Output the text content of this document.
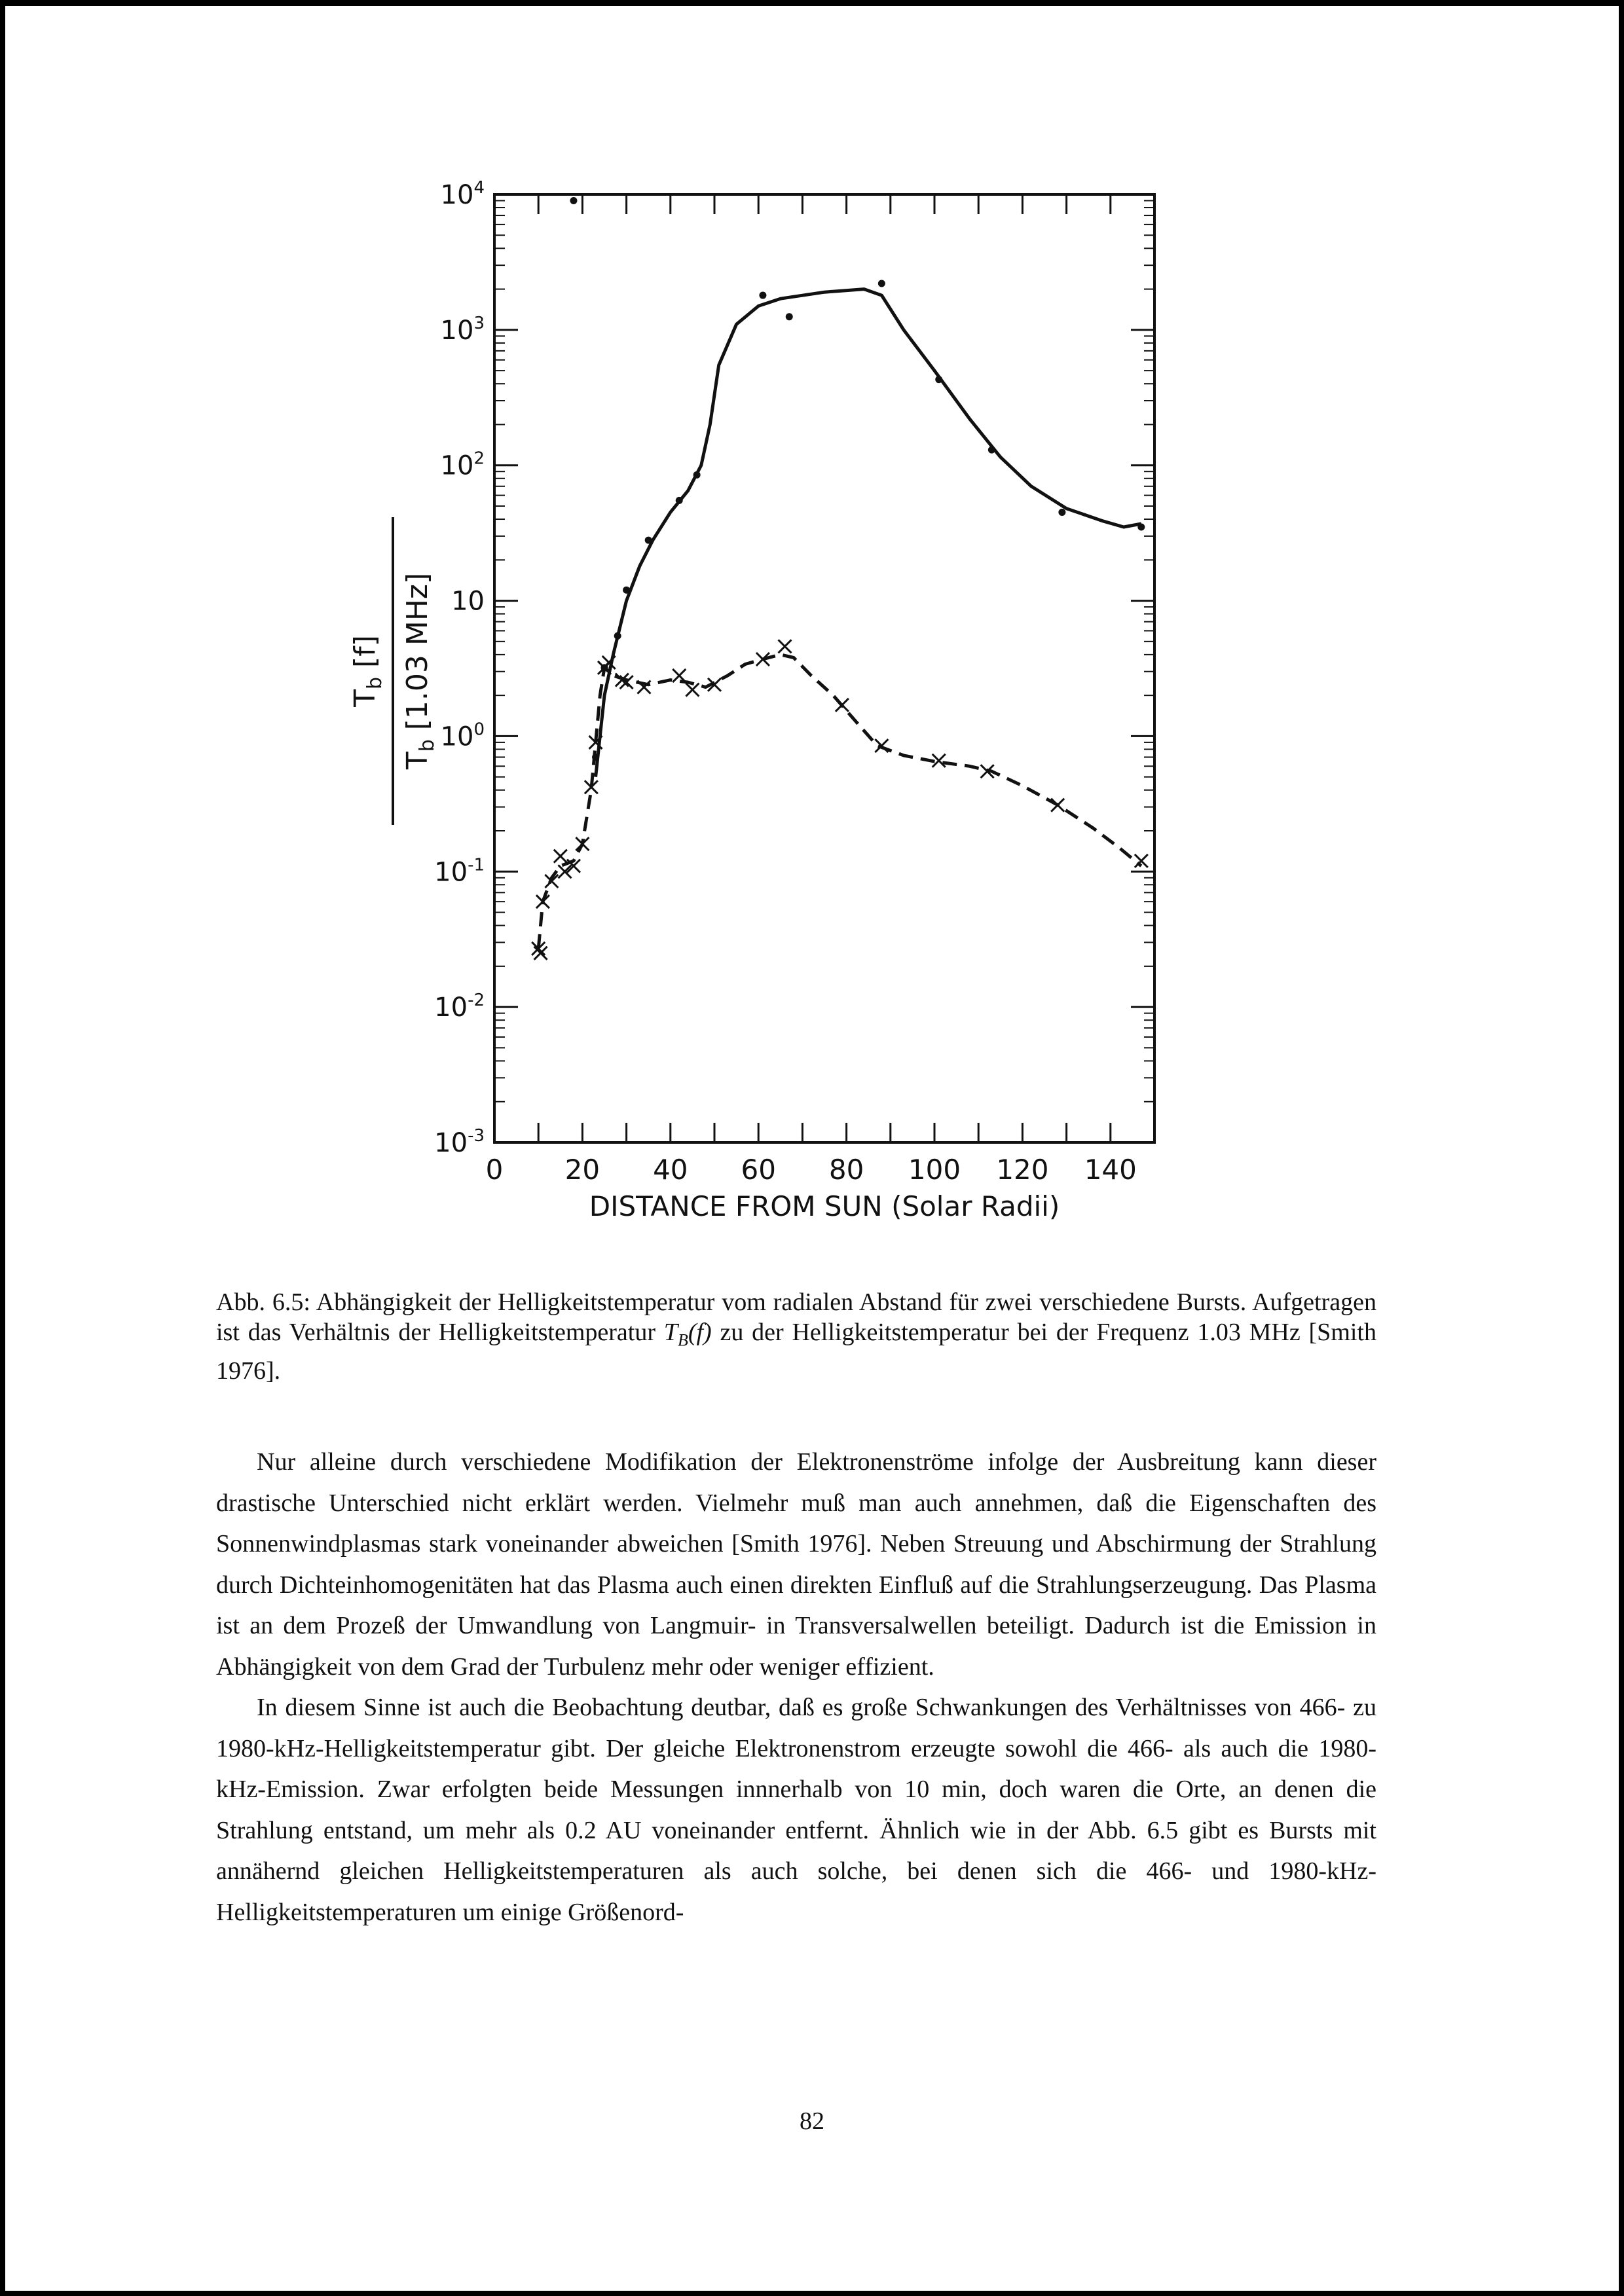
0 20 40 60 80 100 120 140
$10^{-3}$
$10^{-2}$
$10^{-1}$
$10^0$
10
$10^2$
$10^3$
$10^4$
DISTANCE FROM SUN (Solar Radii)
$T_b$ [f]
$T_b$ [1.03 MHz]
Abb. 6.5: Abhängigkeit der Helligkeitstemperatur vom radialen Abstand für zwei verschiedene Bursts. Aufgetragen ist das Verhältnis der Helligkeitstemperatur $T_B(f)$ zu der Helligkeitstemperatur bei der Frequenz 1.03 MHz [Smith 1976].

Nur alleine durch verschiedene Modifikation der Elektronenströme infolge der Ausbreitung kann dieser drastische Unterschied nicht erklärt werden. Vielmehr muß man auch annehmen, daß die Eigenschaften des Sonnenwindplasmas stark voneinander abweichen [Smith 1976]. Neben Streuung und Abschirmung der Strahlung durch Dichteinhomogenitäten hat das Plasma auch einen direkten Einfluß auf die Strahlungserzeugung. Das Plasma ist an dem Prozeß der Umwandlung von Langmuir- in Transversalwellen beteiligt. Dadurch ist die Emission in Abhängigkeit von dem Grad der Turbulenz mehr oder weniger effizient.

In diesem Sinne ist auch die Beobachtung deutbar, daß es große Schwankungen des Verhältnisses von 466- zu 1980-kHz-Helligkeitstemperatur gibt. Der gleiche Elektronenstrom erzeugte sowohl die 466- als auch die 1980-kHz-Emission. Zwar erfolgten beide Messungen innnerhalb von 10 min, doch waren die Orte, an denen die Strahlung entstand, um mehr als 0.2 AU voneinander entfernt. Ähnlich wie in der Abb. 6.5 gibt es Bursts mit annähernd gleichen Helligkeitstemperaturen als auch solche, bei denen sich die 466- und 1980-kHz-Helligkeitstemperaturen um einige Größenord-

82
